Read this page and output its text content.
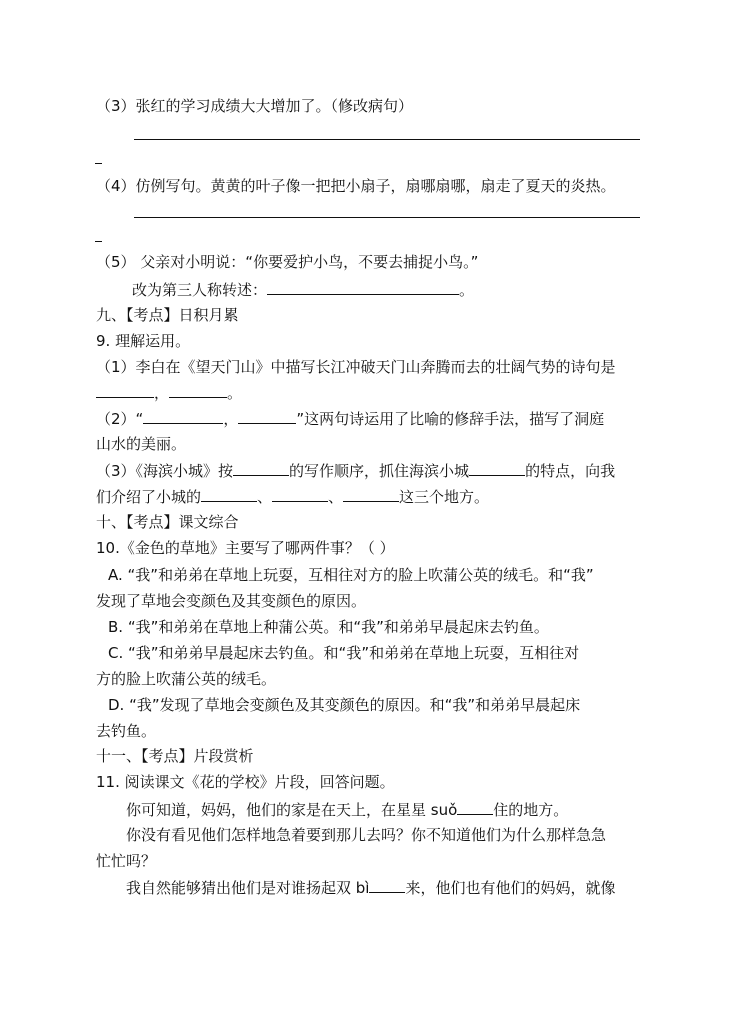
（3）张红的学习成绩大大增加了。（修改病句）
（4）仿例写句。黄黄的叶子像一把把小扇子，扇哪扇哪，扇走了夏天的炎热。
（5） 父亲对小明说：“你要爱护小鸟，不要去捕捉小鸟。”
改为第三人称转述：	。
九、【考点】日积月累
9. 理解运用。
（1）李白在《望天门山》中描写长江冲破天门山奔腾而去的壮阔气势的诗句是
，	。
（2）“	，	”这两句诗运用了比喻的修辞手法，描写了洞庭
山水的美丽。
（3）《海滨小城》按	的写作顺序，抓住海滨小城	的特点，向我
们介绍了小城的	、	、	这三个地方。
十、【考点】课文综合
10.《金色的草地》主要写了哪两件事？（ ）
A. “我”和弟弟在草地上玩耍，互相往对方的脸上吹蒲公英的绒毛。和“我”
发现了草地会变颜色及其变颜色的原因。
B. “我”和弟弟在草地上种蒲公英。和“我”和弟弟早晨起床去钓鱼。
C. “我”和弟弟早晨起床去钓鱼。和“我”和弟弟在草地上玩耍，互相往对
方的脸上吹蒲公英的绒毛。
D. “我”发现了草地会变颜色及其变颜色的原因。和“我”和弟弟早晨起床
去钓鱼。
十一、【考点】片段赏析
11. 阅读课文《花的学校》片段，回答问题。
你可知道，妈妈，他们的家是在天上，在星星 suǒ 住的地方。
你没有看见他们怎样地急着要到那儿去吗？你不知道他们为什么那样急急
忙忙吗？
我自然能够猜出他们是对谁扬起双 bì 来，他们也有他们的妈妈，就像
